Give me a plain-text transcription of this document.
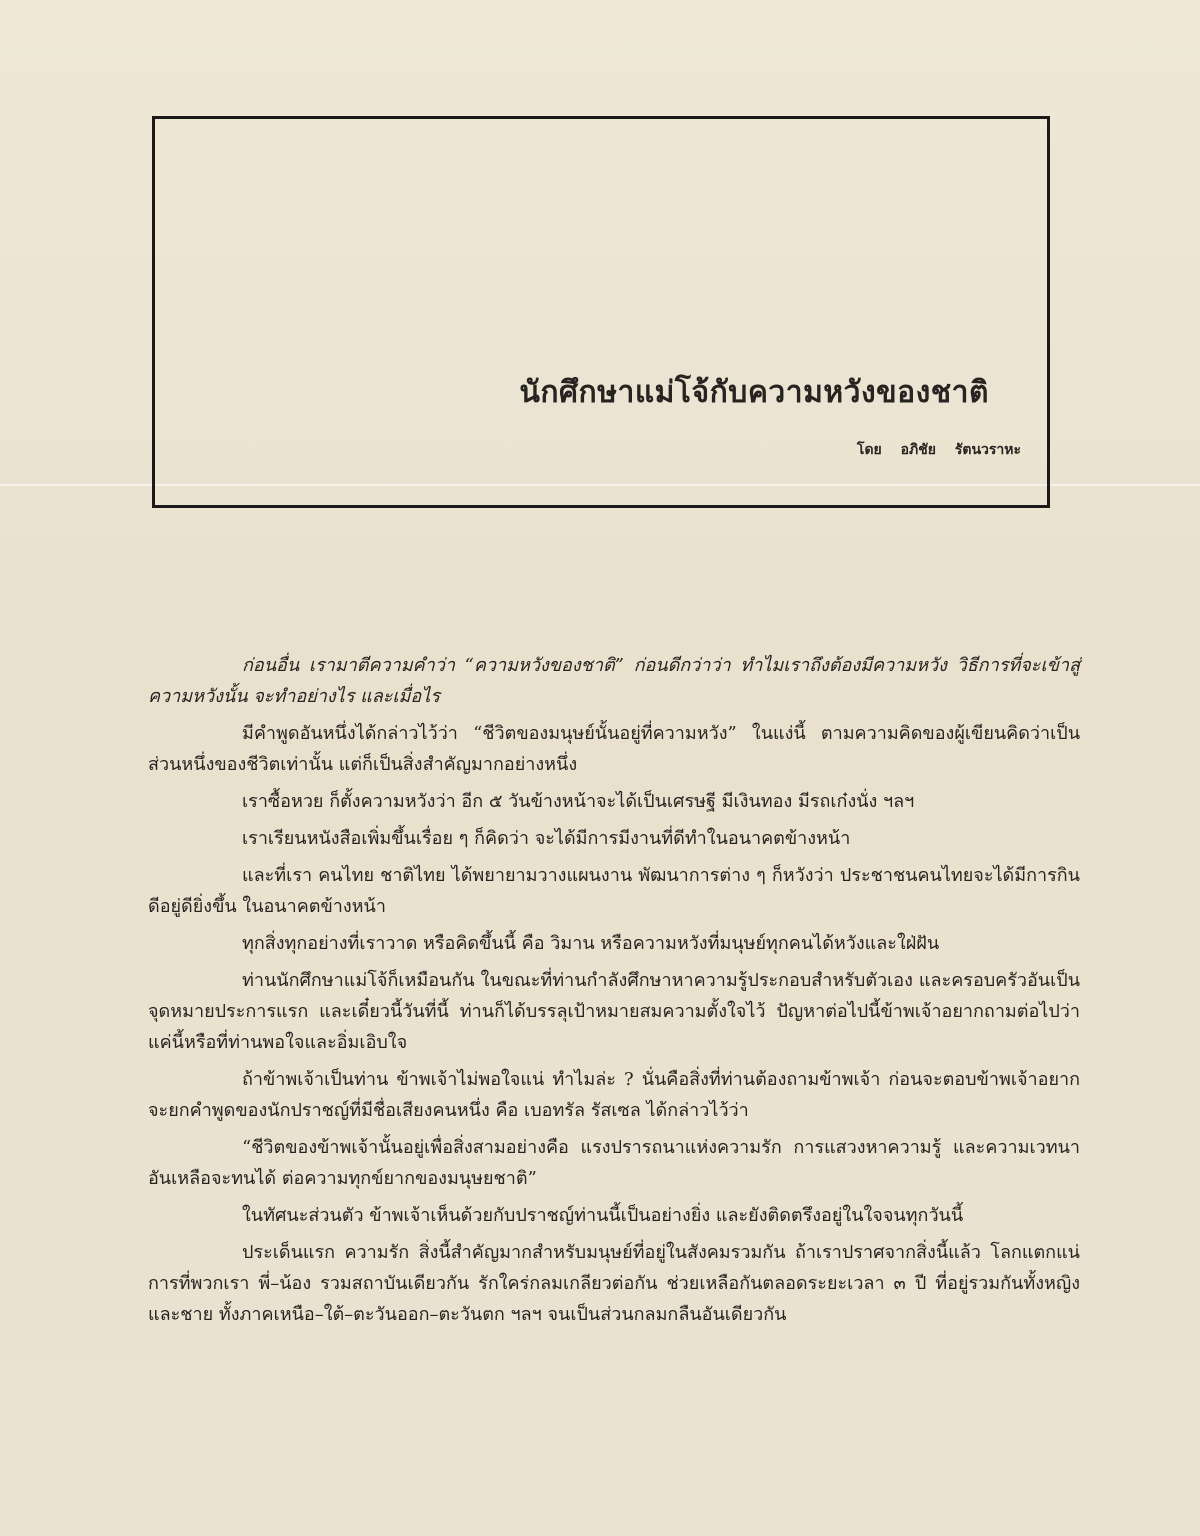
นักศึกษาแม่โจ้กับความหวังของชาติ
โดย อภิชัย รัตนวราหะ

ก่อนอื่น เรามาตีความคำว่า “ความหวังของชาติ” ก่อนดีกว่าว่า ทำไมเราถึงต้องมีความหวัง วิธีการที่จะเข้าสู่ความหวังนั้น จะทำอย่างไร และเมื่อไร

มีคำพูดอันหนึ่งได้กล่าวไว้ว่า “ชีวิตของมนุษย์นั้นอยู่ที่ความหวัง” ในแง่นี้ ตามความคิดของผู้เขียนคิดว่าเป็นส่วนหนึ่งของชีวิตเท่านั้น แต่ก็เป็นสิ่งสำคัญมากอย่างหนึ่ง

เราซื้อหวย ก็ตั้งความหวังว่า อีก ๕ วันข้างหน้าจะได้เป็นเศรษฐี มีเงินทอง มีรถเก๋งนั่ง ฯลฯ

เราเรียนหนังสือเพิ่มขึ้นเรื่อย ๆ ก็คิดว่า จะได้มีการมีงานที่ดีทำในอนาคตข้างหน้า

และที่เรา คนไทย ชาติไทย ได้พยายามวางแผนงาน พัฒนาการต่าง ๆ ก็หวังว่า ประชาชนคนไทยจะได้มีการกินดีอยู่ดียิ่งขึ้น ในอนาคตข้างหน้า

ทุกสิ่งทุกอย่างที่เราวาด หรือคิดขึ้นนี้ คือ วิมาน หรือความหวังที่มนุษย์ทุกคนได้หวังและใฝ่ฝัน

ท่านนักศึกษาแม่โจ้ก็เหมือนกัน ในขณะที่ท่านกำลังศึกษาหาความรู้ประกอบสำหรับตัวเอง และครอบครัวอันเป็นจุดหมายประการแรก และเดี๋ยวนี้วันที่นี้ ท่านก็ได้บรรลุเป้าหมายสมความตั้งใจไว้ ปัญหาต่อไปนี้ข้าพเจ้าอยากถามต่อไปว่า แค่นี้หรือที่ท่านพอใจและอิ่มเอิบใจ

ถ้าข้าพเจ้าเป็นท่าน ข้าพเจ้าไม่พอใจแน่ ทำไมล่ะ ? นั่นคือสิ่งที่ท่านต้องถามข้าพเจ้า ก่อนจะตอบข้าพเจ้าอยากจะยกคำพูดของนักปราชญ์ที่มีชื่อเสียงคนหนึ่ง คือ เบอทรัล รัสเซล ได้กล่าวไว้ว่า

“ชีวิตของข้าพเจ้านั้นอยู่เพื่อสิ่งสามอย่างคือ แรงปรารถนาแห่งความรัก การแสวงหาความรู้ และความเวทนาอันเหลือจะทนได้ ต่อความทุกข์ยากของมนุษยชาติ”

ในทัศนะส่วนตัว ข้าพเจ้าเห็นด้วยกับปราชญ์ท่านนี้เป็นอย่างยิ่ง และยังติดตรึงอยู่ในใจจนทุกวันนี้

ประเด็นแรก ความรัก สิ่งนี้สำคัญมากสำหรับมนุษย์ที่อยู่ในสังคมรวมกัน ถ้าเราปราศจากสิ่งนี้แล้ว โลกแตกแน่ การที่พวกเรา พี่–น้อง รวมสถาบันเดียวกัน รักใคร่กลมเกลียวต่อกัน ช่วยเหลือกันตลอดระยะเวลา ๓ ปี ที่อยู่รวมกันทั้งหญิงและชาย ทั้งภาคเหนือ–ใต้–ตะวันออก–ตะวันตก ฯลฯ จนเป็นส่วนกลมกลืนอันเดียวกัน
